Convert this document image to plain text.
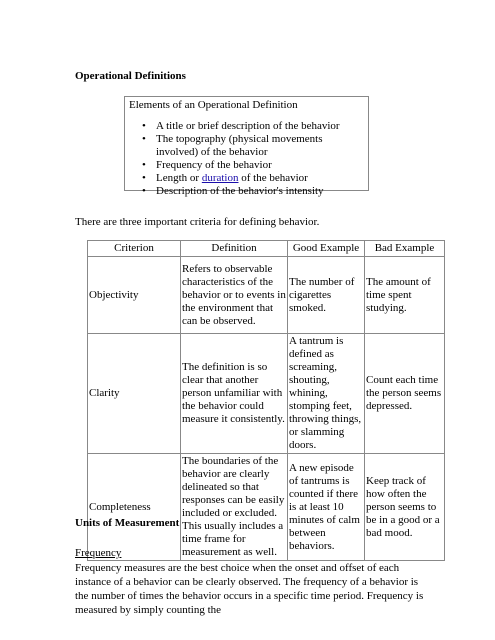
Operational Definitions
Elements of an Operational Definition
• A title or brief description of the behavior
• The topography (physical movements involved) of the behavior
• Frequency of the behavior
• Length or duration of the behavior
• Description of the behavior's intensity
There are three important criteria for defining behavior.
Criterion	Definition	Good Example	Bad Example
Objectivity	Refers to observable characteristics of the behavior or to events in the environment that can be observed.	The number of cigarettes smoked.	The amount of time spent studying.
Clarity	The definition is so clear that another person unfamiliar with the behavior could measure it consistently.	A tantrum is defined as screaming, shouting, whining, stomping feet, throwing things, or slamming doors.	Count each time the person seems depressed.
Completeness	The boundaries of the behavior are clearly delineated so that responses can be easily included or excluded. This usually includes a time frame for measurement as well.	A new episode of tantrums is counted if there is at least 10 minutes of calm between behaviors.	Keep track of how often the person seems to be in a good or a bad mood.
Units of Measurement
Frequency
Frequency measures are the best choice when the onset and offset of each instance of a behavior can be clearly observed. The frequency of a behavior is the number of times the behavior occurs in a specific time period. Frequency is measured by simply counting the
